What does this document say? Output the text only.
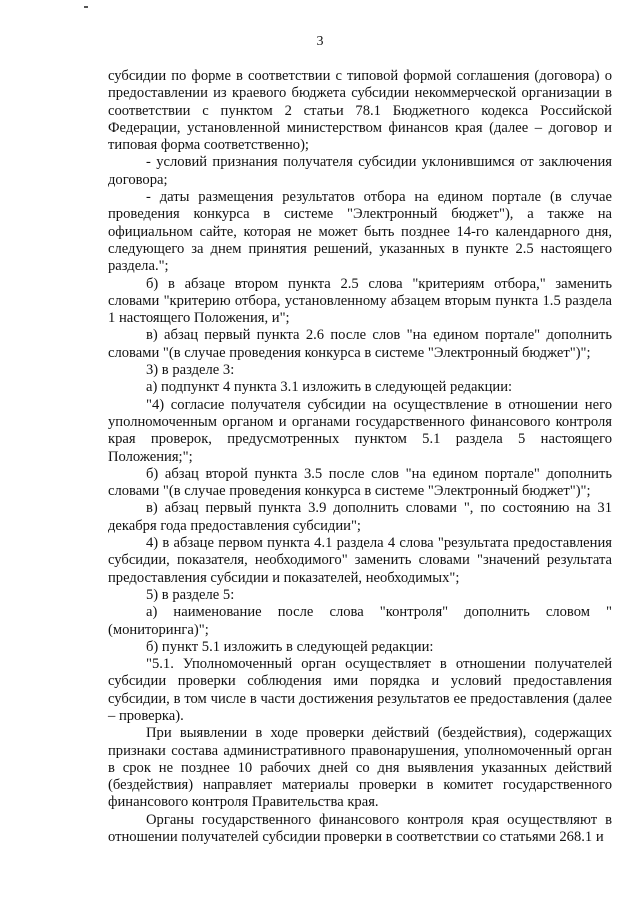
3

субсидии по форме в соответствии с типовой формой соглашения (договора) о предоставлении из краевого бюджета субсидии некоммерческой организации в соответствии с пунктом 2 статьи 78.1 Бюджетного кодекса Российской Федерации, установленной министерством финансов края (далее – договор и типовая форма соответственно);

- условий признания получателя субсидии уклонившимся от заключения договора;

- даты размещения результатов отбора на едином портале (в случае проведения конкурса в системе "Электронный бюджет"), а также на официальном сайте, которая не может быть позднее 14-го календарного дня, следующего за днем принятия решений, указанных в пункте 2.5 настоящего раздела.";

б) в абзаце втором пункта 2.5 слова "критериям отбора," заменить словами "критерию отбора, установленному абзацем вторым пункта 1.5 раздела 1 настоящего Положения, и";

в) абзац первый пункта 2.6 после слов "на едином портале" дополнить словами "(в случае проведения конкурса в системе "Электронный бюджет")";

3) в разделе 3:

а) подпункт 4 пункта 3.1 изложить в следующей редакции:

"4) согласие получателя субсидии на осуществление в отношении него уполномоченным органом и органами государственного финансового контроля края проверок, предусмотренных пунктом 5.1 раздела 5 настоящего Положения;";

б) абзац второй пункта 3.5 после слов "на едином портале" дополнить словами "(в случае проведения конкурса в системе "Электронный бюджет")";

в) абзац первый пункта 3.9 дополнить словами ", по состоянию на 31 декабря года предоставления субсидии";

4) в абзаце первом пункта 4.1 раздела 4 слова "результата предоставления субсидии, показателя, необходимого" заменить словами "значений результата предоставления субсидии и показателей, необходимых";

5) в разделе 5:

а) наименование после слова "контроля" дополнить словом "(мониторинга)";

б) пункт 5.1 изложить в следующей редакции:

"5.1. Уполномоченный орган осуществляет в отношении получателей субсидии проверки соблюдения ими порядка и условий предоставления субсидии, в том числе в части достижения результатов ее предоставления (далее – проверка).

При выявлении в ходе проверки действий (бездействия), содержащих признаки состава административного правонарушения, уполномоченный орган в срок не позднее 10 рабочих дней со дня выявления указанных действий (бездействия) направляет материалы проверки в комитет государственного финансового контроля Правительства края.

Органы государственного финансового контроля края осуществляют в отношении получателей субсидии проверки в соответствии со статьями 268.1 и
